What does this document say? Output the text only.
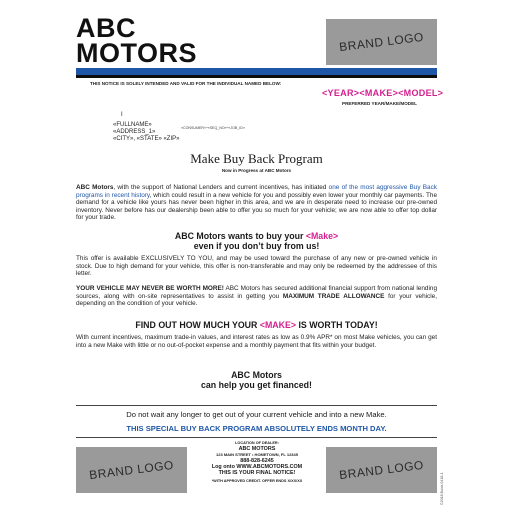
ABC
MOTORS	BRAND LOGO
THIS NOTICE IS SOLELY INTENDED AND VALID FOR THE INDIVIDUAL NAMED BELOW:
<YEAR><MAKE><MODEL>
PREFERRED YEAR/MAKE/MODEL
I
«FULLNAME»
«ADDRESS_1»
«CITY», «STATE» «ZIP»
«CONSUMER»^«SEQ_NO»^«JOB_ID»
Make Buy Back Program
Now in Progress at ABC Motors
ABC Motors, with the support of National Lenders and current incentives, has initiated one of the most aggressive Buy Back programs in recent history, which could result in a new vehicle for you and possibly even lower your monthly car payments. The demand for a vehicle like yours has never been higher in this area, and we are in desperate need to increase our pre-owned inventory. Never before has our dealership been able to offer you so much for your vehicle; we are now able to offer top dollar for your trade.
ABC Motors wants to buy your <Make>
even if you don’t buy from us!
This offer is available EXCLUSIVELY TO YOU, and may be used toward the purchase of any new or pre-owned vehicle in stock. Due to high demand for your vehicle, this offer is non-transferable and may only be redeemed by the addressee of this letter.
YOUR VEHICLE MAY NEVER BE WORTH MORE! ABC Motors has secured additional financial support from national lending sources, along with on-site representatives to assist in getting you MAXIMUM TRADE ALLOWANCE for your vehicle, depending on the condition of your vehicle.
FIND OUT HOW MUCH YOUR <MAKE> IS WORTH TODAY!
With current incentives, maximum trade-in values, and interest rates as low as 0.9% APR* on most Make vehicles, you can get into a new Make with little or no out-of-pocket expense and a monthly payment that fits within your budget.
ABC Motors
can help you get financed!
Do not wait any longer to get out of your current vehicle and into a new Make.
THIS SPECIAL BUY BACK PROGRAM ABSOLUTELY ENDS MONTH DAY.
BRAND LOGO	BRAND LOGO
LOCATION OF DEALER:
ABC MOTORS
123 MAIN STREET • HOMETOWN, FL 12345
888-828-6245
Log onto WWW.ABCMOTORS.COM
THIS IS YOUR FINAL NOTICE!
*WITH APPROVED CREDIT. OFFER ENDS X/XX/XX	©2018 Buick 0418-1
